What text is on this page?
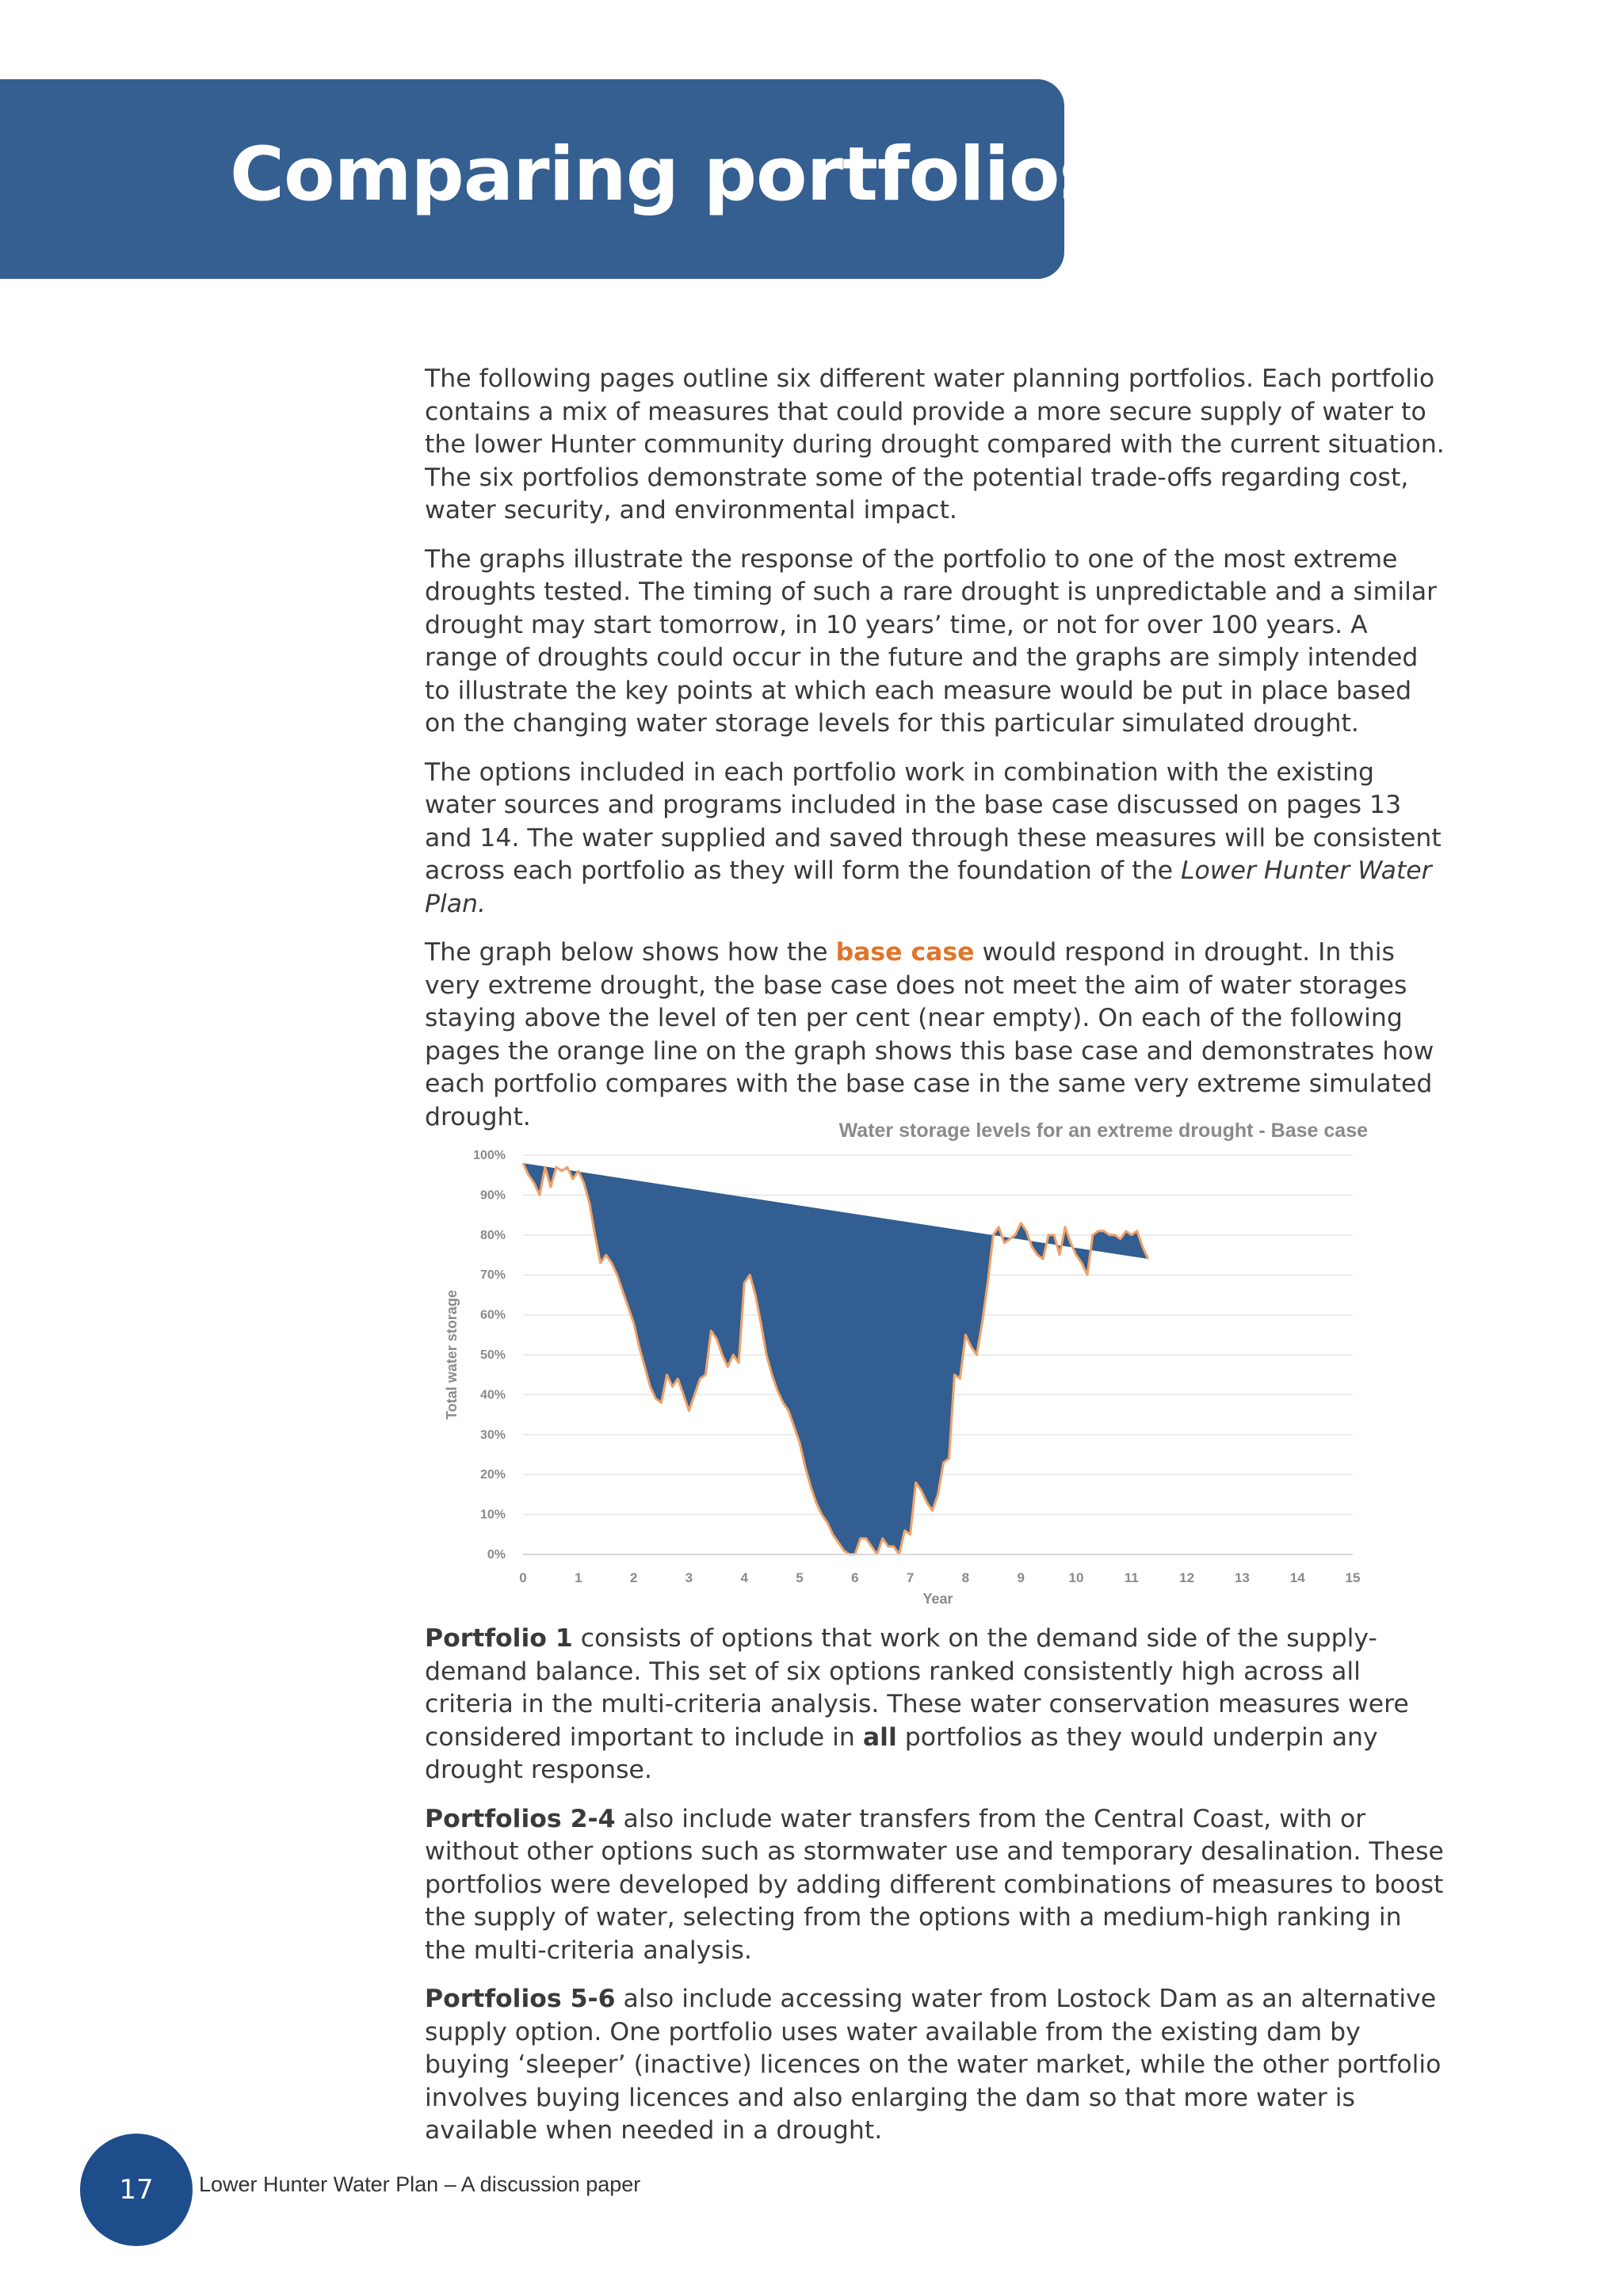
Comparing portfolios

The following pages outline six different water planning portfolios. Each portfolio contains a mix of measures that could provide a more secure supply of water to the lower Hunter community during drought compared with the current situation. The six portfolios demonstrate some of the potential trade-offs regarding cost, water security, and environmental impact.

The graphs illustrate the response of the portfolio to one of the most extreme droughts tested. The timing of such a rare drought is unpredictable and a similar drought may start tomorrow, in 10 years’ time, or not for over 100 years. A range of droughts could occur in the future and the graphs are simply intended to illustrate the key points at which each measure would be put in place based on the changing water storage levels for this particular simulated drought.

The options included in each portfolio work in combination with the existing water sources and programs included in the base case discussed on pages 13 and 14. The water supplied and saved through these measures will be consistent across each portfolio as they will form the foundation of the Lower Hunter Water Plan.

The graph below shows how the base case would respond in drought. In this very extreme drought, the base case does not meet the aim of water storages staying above the level of ten per cent (near empty). On each of the following pages the orange line on the graph shows this base case and demonstrates how each portfolio compares with the base case in the same very extreme simulated drought.	Water storage levels for an extreme drought - Base case
0%
10%
20%
30%
40%
50%
60%
70%
80%
90%
100%
0	1	2	3	4	5	6	7	8	9	10	11	12	13	14	15
Total water storage
Year

Portfolio 1 consists of options that work on the demand side of the supply-demand balance. This set of six options ranked consistently high across all criteria in the multi-criteria analysis. These water conservation measures were considered important to include in all portfolios as they would underpin any drought response.

Portfolios 2-4 also include water transfers from the Central Coast, with or without other options such as stormwater use and temporary desalination. These portfolios were developed by adding different combinations of measures to boost the supply of water, selecting from the options with a medium-high ranking in the multi-criteria analysis.

Portfolios 5-6 also include accessing water from Lostock Dam as an alternative supply option. One portfolio uses water available from the existing dam by buying ‘sleeper’ (inactive) licences on the water market, while the other portfolio involves buying licences and also enlarging the dam so that more water is available when needed in a drought.

17	Lower Hunter Water Plan – A discussion paper
